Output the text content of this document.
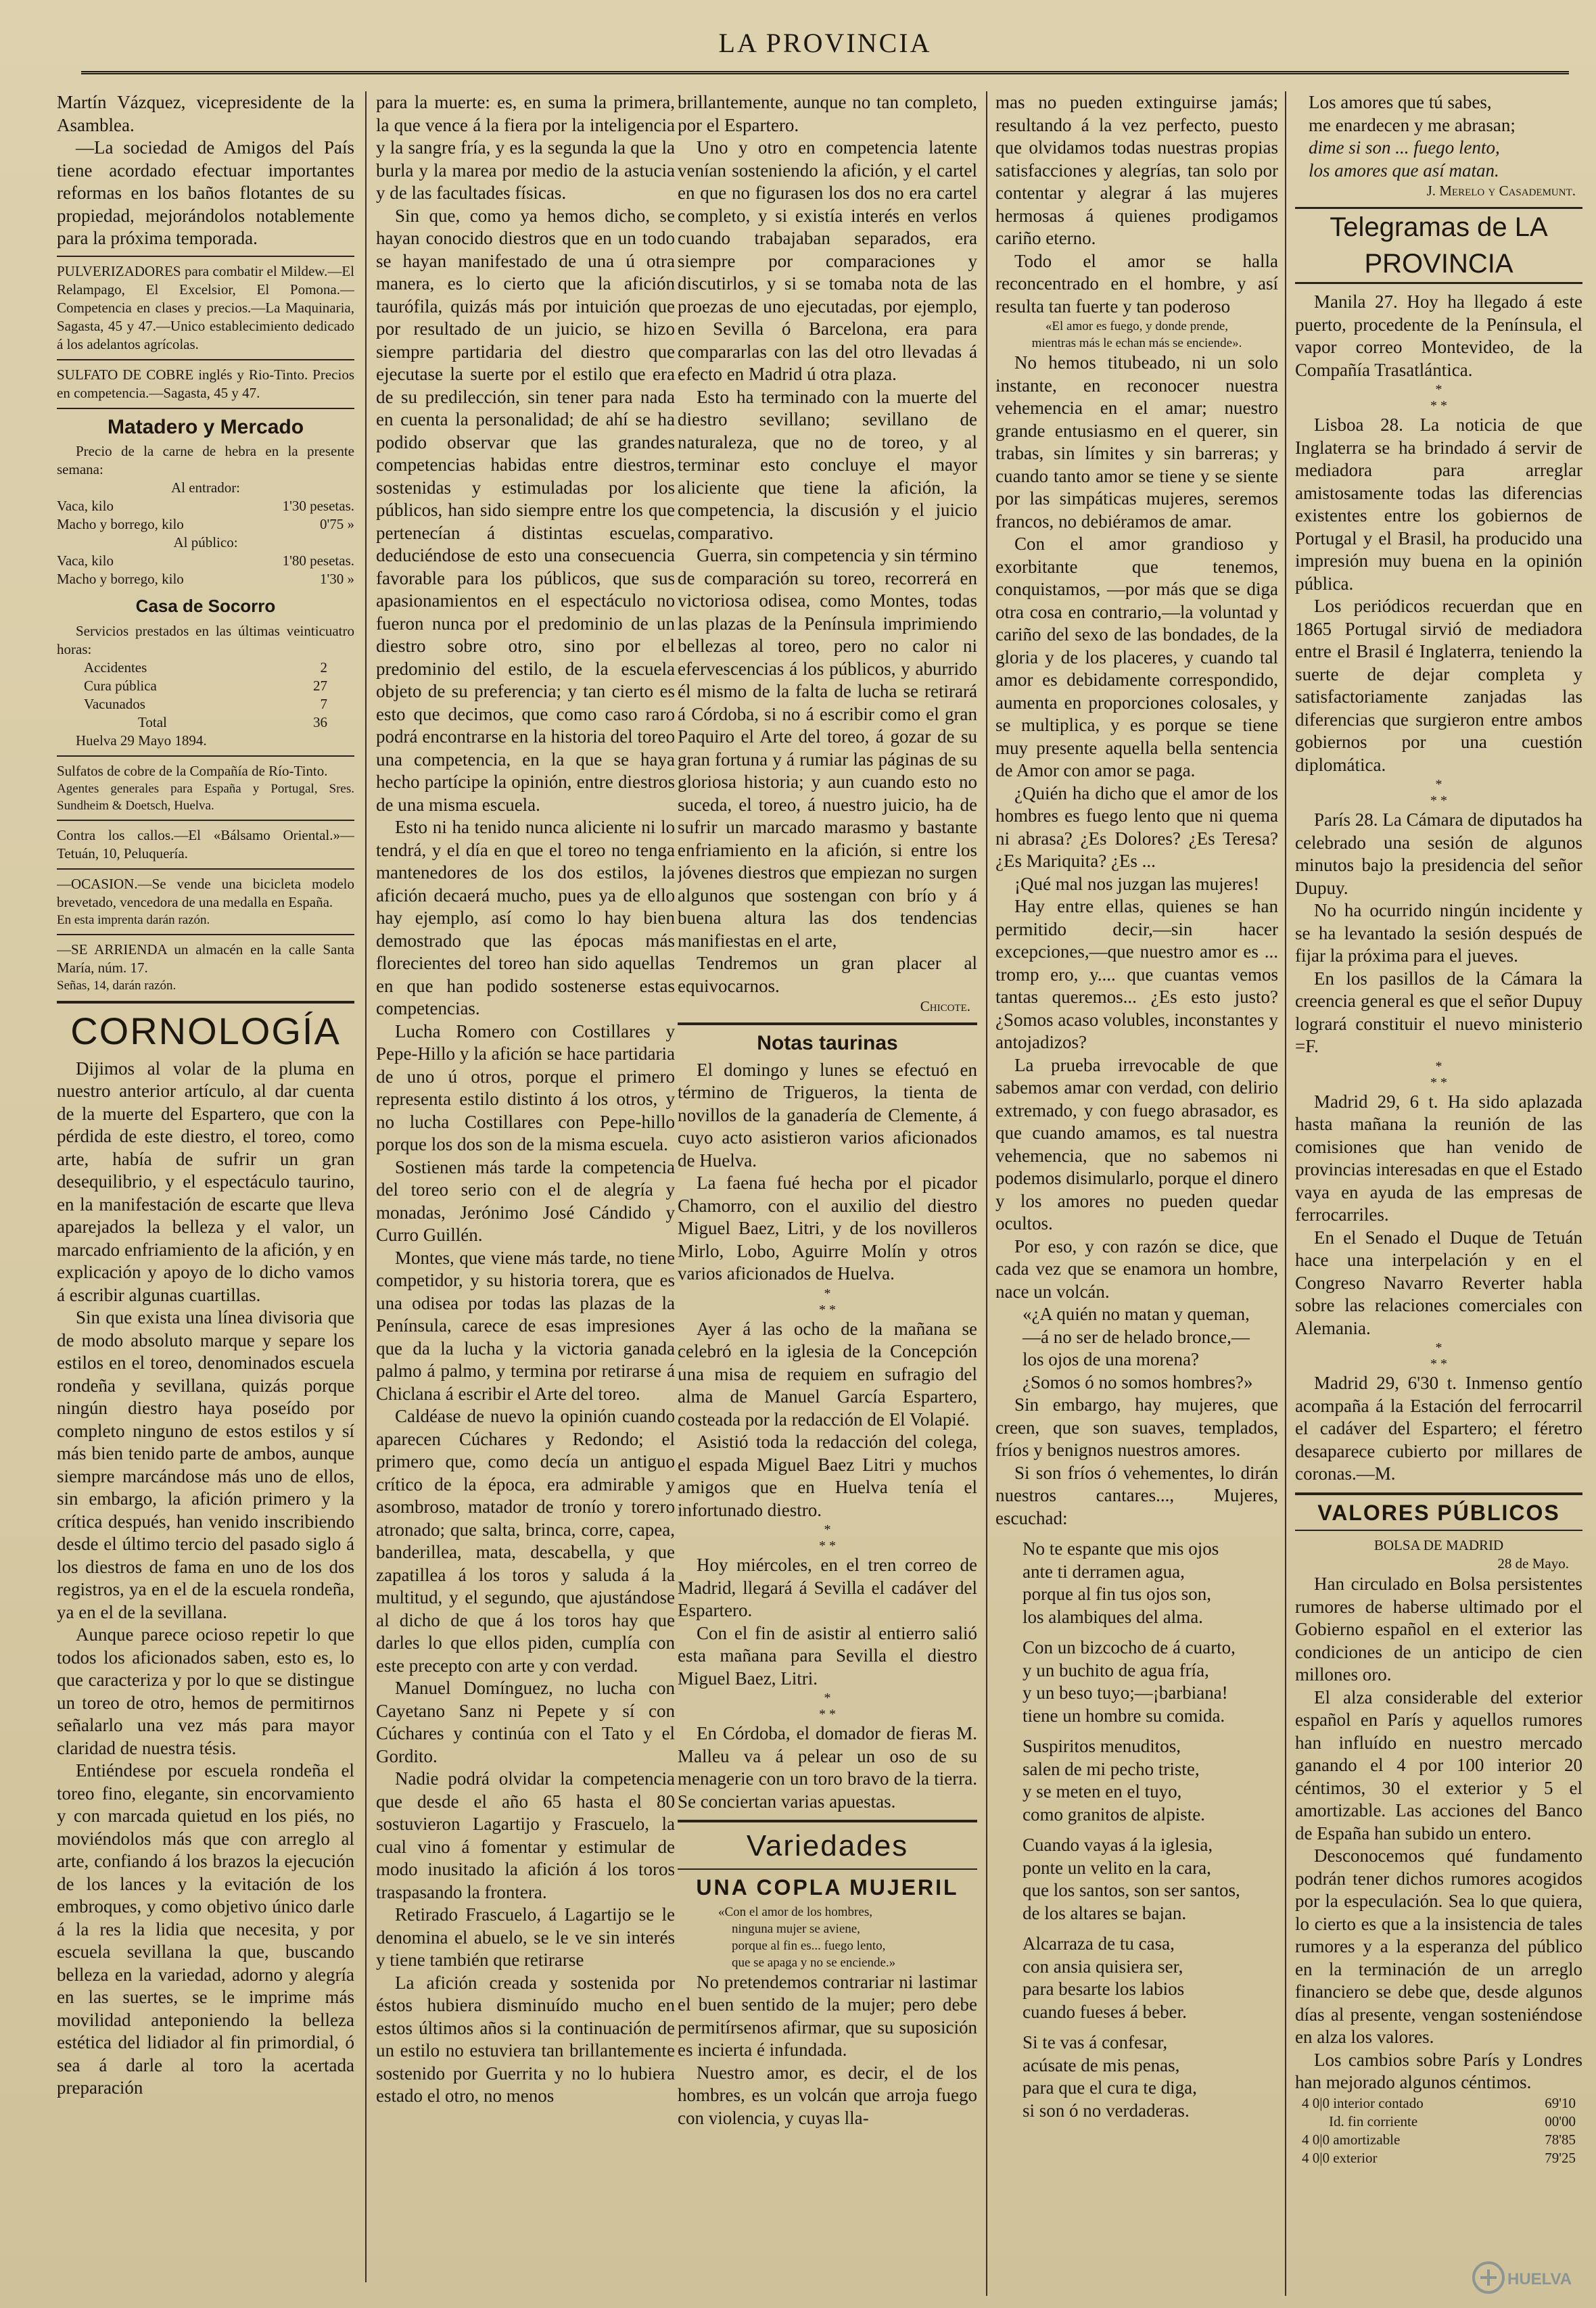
LA PROVINCIA

Martín Vázquez, vicepresidente de la Asamblea.

—La sociedad de Amigos del País tiene acordado efectuar importantes reformas en los baños flotantes de su propiedad, mejorándolos notablemente para la próxima temporada.

PULVERIZADORES para combatir el Mildew.—El Relampago, El Excelsior, El Pomona.—Competencia en clases y precios.—La Maquinaria, Sagasta, 45 y 47.—Unico establecimiento dedicado á los adelantos agrícolas.

SULFATO DE COBRE inglés y Rio-Tinto. Precios en competencia.—Sagasta, 45 y 47.

Matadero y Mercado

Precio de la carne de hebra en la presente semana:

Al entrador:

Vaca, kilo	1'30 pesetas.
Macho y borrego, kilo	0'75 »

Al público:

Vaca, kilo	1'80 pesetas.
Macho y borrego, kilo	1'30 »
Casa de Socorro

Servicios prestados en las últimas veinticuatro horas:

Accidentes	2
Cura pública	27
Vacunados	7
Total	36

Huelva 29 Mayo 1894.

Sulfatos de cobre de la Compañía de Río-Tinto.

Agentes generales para España y Portugal, Sres. Sundheim & Doetsch, Huelva.

Contra los callos.—El «Bálsamo Oriental.»—Tetuán, 10, Peluquería.

—OCASION.—Se vende una bicicleta modelo brevetado, vencedora de una medalla en España.

En esta imprenta darán razón.

—SE ARRIENDA un almacén en la calle Santa María, núm. 17.

Señas, 14, darán razón.

CORNOLOGÍA

Dijimos al volar de la pluma en nuestro anterior artículo, al dar cuenta de la muerte del Espartero, que con la pérdida de este diestro, el toreo, como arte, había de sufrir un gran desequilibrio, y el espectáculo taurino, en la manifestación de escarte que lleva aparejados la belleza y el valor, un marcado enfriamiento de la afición, y en explicación y apoyo de lo dicho vamos á escribir algunas cuartillas.

Sin que exista una línea divisoria que de modo absoluto marque y separe los estilos en el toreo, denominados escuela rondeña y sevillana, quizás porque ningún diestro haya poseído por completo ninguno de estos estilos y sí más bien tenido parte de ambos, aunque siempre marcándose más uno de ellos, sin embargo, la afición primero y la crítica después, han venido inscribiendo desde el último tercio del pasado siglo á los diestros de fama en uno de los dos registros, ya en el de la escuela rondeña, ya en el de la sevillana.

Aunque parece ocioso repetir lo que todos los aficionados saben, esto es, lo que caracteriza y por lo que se distingue un toreo de otro, hemos de permitirnos señalarlo una vez más para mayor claridad de nuestra tésis.

Entiéndese por escuela rondeña el toreo fino, elegante, sin encorvamiento y con marcada quietud en los piés, no moviéndolos más que con arreglo al arte, confiando á los brazos la ejecución de los lances y la evitación de los embroques, y como objetivo único darle á la res la lidia que necesita, y por escuela sevillana la que, buscando belleza en la variedad, adorno y alegría en las suertes, se le imprime más movilidad anteponiendo la belleza estética del lidiador al fin primordial, ó sea á darle al toro la acertada preparación

para la muerte: es, en suma la primera, la que vence á la fiera por la inteligencia y la sangre fría, y es la segunda la que la burla y la marea por medio de la astucia y de las facultades físicas.

Sin que, como ya hemos dicho, se hayan conocido diestros que en un todo se hayan manifestado de una ú otra manera, es lo cierto que la afición taurófila, quizás más por intuición que por resultado de un juicio, se hizo siempre partidaria del diestro que ejecutase la suerte por el estilo que era de su predilección, sin tener para nada en cuenta la personalidad; de ahí se ha podido observar que las grandes competencias habidas entre diestros, sostenidas y estimuladas por los públicos, han sido siempre entre los que pertenecían á distintas escuelas, deduciéndose de esto una consecuencia favorable para los públicos, que sus apasionamientos en el espectáculo no fueron nunca por el predominio de un diestro sobre otro, sino por el predominio del estilo, de la escuela objeto de su preferencia; y tan cierto es esto que decimos, que como caso raro podrá encontrarse en la historia del toreo una competencia, en la que se haya hecho partícipe la opinión, entre diestros de una misma escuela.

Esto ni ha tenido nunca aliciente ni lo tendrá, y el día en que el toreo no tenga mantenedores de los dos estilos, la afición decaerá mucho, pues ya de ello hay ejemplo, así como lo hay bien demostrado que las épocas más florecientes del toreo han sido aquellas en que han podido sostenerse estas competencias.

Lucha Romero con Costillares y Pepe-Hillo y la afición se hace partidaria de uno ú otros, porque el primero representa estilo distinto á los otros, y no lucha Costillares con Pepe-hillo porque los dos son de la misma escuela.

Sostienen más tarde la competencia del toreo serio con el de alegría y monadas, Jerónimo José Cándido y Curro Guillén.

Montes, que viene más tarde, no tiene competidor, y su historia torera, que es una odisea por todas las plazas de la Península, carece de esas impresiones que da la lucha y la victoria ganada palmo á palmo, y termina por retirarse á Chiclana á escribir el Arte del toreo.

Caldéase de nuevo la opinión cuando aparecen Cúchares y Redondo; el primero que, como decía un antiguo crítico de la época, era admirable y asombroso, matador de tronío y torero atronado; que salta, brinca, corre, capea, banderillea, mata, descabella, y que zapatillea á los toros y saluda á la multitud, y el segundo, que ajustándose al dicho de que á los toros hay que darles lo que ellos piden, cumplía con este precepto con arte y con verdad.

Manuel Domínguez, no lucha con Cayetano Sanz ni Pepete y sí con Cúchares y continúa con el Tato y el Gordito.

Nadie podrá olvidar la competencia que desde el año 65 hasta el 80 sostuvieron Lagartijo y Frascuelo, la cual vino á fomentar y estimular de modo inusitado la afición á los toros traspasando la frontera.

Retirado Frascuelo, á Lagartijo se le denomina el abuelo, se le ve sin interés y tiene también que retirarse

La afición creada y sostenida por éstos hubiera disminuído mucho en estos últimos años si la continuación de un estilo no estuviera tan brillantemente sostenido por Guerrita y no lo hubiera estado el otro, no menos

brillantemente, aunque no tan completo, por el Espartero.

Uno y otro en competencia latente venían sosteniendo la afición, y el cartel en que no figurasen los dos no era cartel completo, y si existía interés en verlos cuando trabajaban separados, era siempre por comparaciones y discutirlos, y si se tomaba nota de las proezas de uno ejecutadas, por ejemplo, en Sevilla ó Barcelona, era para compararlas con las del otro llevadas á efecto en Madrid ú otra plaza.

Esto ha terminado con la muerte del diestro sevillano; sevillano de naturaleza, que no de toreo, y al terminar esto concluye el mayor aliciente que tiene la afición, la competencia, la discusión y el juicio comparativo.

Guerra, sin competencia y sin término de comparación su toreo, recorrerá en victoriosa odisea, como Montes, todas las plazas de la Península imprimiendo bellezas al toreo, pero no calor ni efervescencias á los públicos, y aburrido él mismo de la falta de lucha se retirará á Córdoba, si no á escribir como el gran Paquiro el Arte del toreo, á gozar de su gran fortuna y á rumiar las páginas de su gloriosa historia; y aun cuando esto no suceda, el toreo, á nuestro juicio, ha de sufrir un marcado marasmo y bastante enfriamiento en la afición, si entre los jóvenes diestros que empiezan no surgen algunos que sostengan con brío y á buena altura las dos tendencias manifiestas en el arte,

Tendremos un gran placer al equivocarnos.

Chicote.

Notas taurinas

El domingo y lunes se efectuó en término de Trigueros, la tienta de novillos de la ganadería de Clemente, á cuyo acto asistieron varios aficionados de Huelva.

La faena fué hecha por el picador Chamorro, con el auxilio del diestro Miguel Baez, Litri, y de los novilleros Mirlo, Lobo, Aguirre Molín y otros varios aficionados de Huelva.

*
* *

Ayer á las ocho de la mañana se celebró en la iglesia de la Concepción una misa de requiem en sufragio del alma de Manuel García Espartero, costeada por la redacción de El Volapié.

Asistió toda la redacción del colega, el espada Miguel Baez Litri y muchos amigos que en Huelva tenía el infortunado diestro.

*
* *

Hoy miércoles, en el tren correo de Madrid, llegará á Sevilla el cadáver del Espartero.

Con el fin de asistir al entierro salió esta mañana para Sevilla el diestro Miguel Baez, Litri.

*
* *

En Córdoba, el domador de fieras M. Malleu va á pelear un oso de su menagerie con un toro bravo de la tierra. Se conciertan varias apuestas.

Variedades
UNA COPLA MUJERIL

«Con el amor de los hombres,

ninguna mujer se aviene,

porque al fin es... fuego lento,

que se apaga y no se enciende.»

No pretendemos contrariar ni lastimar el buen sentido de la mujer; pero debe permitírsenos afirmar, que su suposición es incierta é infundada.

Nuestro amor, es decir, el de los hombres, es un volcán que arroja fuego con violencia, y cuyas lla-

mas no pueden extinguirse jamás; resultando á la vez perfecto, puesto que olvidamos todas nuestras propias satisfacciones y alegrías, tan solo por contentar y alegrar á las mujeres hermosas á quienes prodigamos cariño eterno.

Todo el amor se halla reconcentrado en el hombre, y así resulta tan fuerte y tan poderoso

«El amor es fuego, y donde prende,

mientras más le echan más se enciende».

No hemos titubeado, ni un solo instante, en reconocer nuestra vehemencia en el amar; nuestro grande entusiasmo en el querer, sin trabas, sin límites y sin barreras; y cuando tanto amor se tiene y se siente por las simpáticas mujeres, seremos francos, no debiéramos de amar.

Con el amor grandioso y exorbitante que tenemos, conquistamos, —por más que se diga otra cosa en contrario,—la voluntad y cariño del sexo de las bondades, de la gloria y de los placeres, y cuando tal amor es debidamente correspondido, aumenta en proporciones colosales, y se multiplica, y es porque se tiene muy presente aquella bella sentencia de Amor con amor se paga.

¿Quién ha dicho que el amor de los hombres es fuego lento que ni quema ni abrasa? ¿Es Dolores? ¿Es Teresa? ¿Es Mariquita? ¿Es ...

¡Qué mal nos juzgan las mujeres!

Hay entre ellas, quienes se han permitido decir,—sin hacer excepciones,—que nuestro amor es ... tromp ero, y.... que cuantas vemos tantas queremos... ¿Es esto justo? ¿Somos acaso volubles, inconstantes y antojadizos?

La prueba irrevocable de que sabemos amar con verdad, con delirio extremado, y con fuego abrasador, es que cuando amamos, es tal nuestra vehemencia, que no sabemos ni podemos disimularlo, porque el dinero y los amores no pueden quedar ocultos.

Por eso, y con razón se dice, que cada vez que se enamora un hombre, nace un volcán.

«¿A quién no matan y queman,

—á no ser de helado bronce,—

los ojos de una morena?

¿Somos ó no somos hombres?»

Sin embargo, hay mujeres, que creen, que son suaves, templados, fríos y benignos nuestros amores.

Si son fríos ó vehementes, lo dirán nuestros cantares..., Mujeres, escuchad:

No te espante que mis ojos

ante ti derramen agua,

porque al fin tus ojos son,

los alambiques del alma.

Con un bizcocho de á cuarto,

y un buchito de agua fría,

y un beso tuyo;—¡barbiana!

tiene un hombre su comida.

Suspiritos menuditos,

salen de mi pecho triste,

y se meten en el tuyo,

como granitos de alpiste.

Cuando vayas á la iglesia,

ponte un velito en la cara,

que los santos, son ser santos,

de los altares se bajan.

Alcarraza de tu casa,

con ansia quisiera ser,

para besarte los labios

cuando fueses á beber.

Si te vas á confesar,

acúsate de mis penas,

para que el cura te diga,

si son ó no verdaderas.

Los amores que tú sabes,

me enardecen y me abrasan;

dime si son ... fuego lento,

los amores que así matan.

J. Merelo y Casademunt.

Telegramas de LA PROVINCIA

Manila 27. Hoy ha llegado á este puerto, procedente de la Península, el vapor correo Montevideo, de la Compañía Trasatlántica.

*
* *

Lisboa 28. La noticia de que Inglaterra se ha brindado á servir de mediadora para arreglar amistosamente todas las diferencias existentes entre los gobiernos de Portugal y el Brasil, ha producido una impresión muy buena en la opinión pública.

Los periódicos recuerdan que en 1865 Portugal sirvió de mediadora entre el Brasil é Inglaterra, teniendo la suerte de dejar completa y satisfactoriamente zanjadas las diferencias que surgieron entre ambos gobiernos por una cuestión diplomática.

*
* *

París 28. La Cámara de diputados ha celebrado una sesión de algunos minutos bajo la presidencia del señor Dupuy.

No ha ocurrido ningún incidente y se ha levantado la sesión después de fijar la próxima para el jueves.

En los pasillos de la Cámara la creencia general es que el señor Dupuy logrará constituir el nuevo ministerio =F.

*
* *

Madrid 29, 6 t. Ha sido aplazada hasta mañana la reunión de las comisiones que han venido de provincias interesadas en que el Estado vaya en ayuda de las empresas de ferrocarriles.

En el Senado el Duque de Tetuán hace una interpelación y en el Congreso Navarro Reverter habla sobre las relaciones comerciales con Alemania.

*
* *

Madrid 29, 6'30 t. Inmenso gentío acompaña á la Estación del ferrocarril el cadáver del Espartero; el féretro desaparece cubierto por millares de coronas.—M.

VALORES PÚBLICOS

BOLSA DE MADRID

28 de Mayo.

Han circulado en Bolsa persistentes rumores de haberse ultimado por el Gobierno español en el exterior las condiciones de un anticipo de cien millones oro.

El alza considerable del exterior español en París y aquellos rumores han influído en nuestro mercado ganando el 4 por 100 interior 20 céntimos, 30 el exterior y 5 el amortizable. Las acciones del Banco de España han subido un entero.

Desconocemos qué fundamento podrán tener dichos rumores acogidos por la especulación. Sea lo que quiera, lo cierto es que a la insistencia de tales rumores y a la esperanza del público en la terminación de un arreglo financiero se debe que, desde algunos días al presente, vengan sosteniéndose en alza los valores.

Los cambios sobre París y Londres han mejorado algunos céntimos.

4 0|0 interior contado	69'10
Id. fin corriente	00'00
4 0|0 amortizable	78'85
4 0|0 exterior	79'25
HUELVA
